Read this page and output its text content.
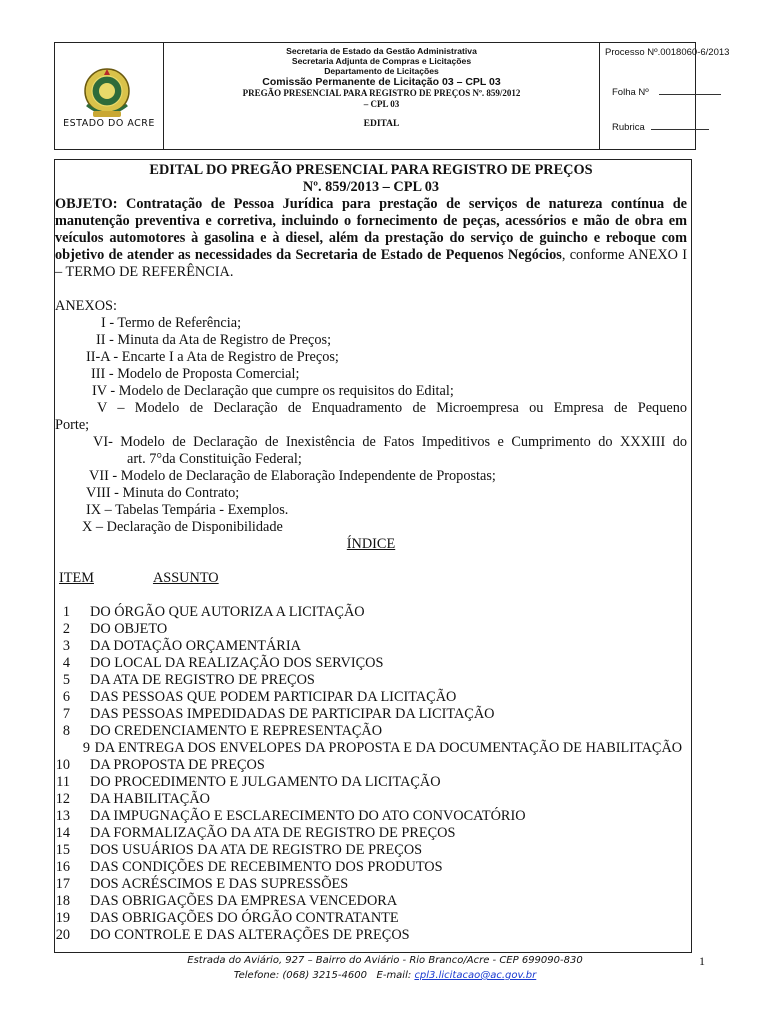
ESTADO DO ACRE
Secretaria de Estado da Gestão Administrativa
Secretaria Adjunta de Compras e Licitações
Departamento de Licitações
Comissão Permanente de Licitação 03 – CPL 03
PREGÃO PRESENCIAL PARA REGISTRO DE PREÇOS Nº. 859/2012
– CPL 03
EDITAL
Processo Nº.0018060-6/2013
Folha Nº
Rubrica
EDITAL DO PREGÃO PRESENCIAL PARA REGISTRO DE PREÇOS
Nº. 859/2013 – CPL 03
OBJETO: Contratação de Pessoa Jurídica para prestação de serviços de natureza contínua de manutenção preventiva e corretiva, incluindo o fornecimento de peças, acessórios e mão de obra em veículos automotores à gasolina e à diesel, além da prestação do serviço de guincho e reboque com objetivo de atender as necessidades da Secretaria de Estado de Pequenos Negócios, conforme ANEXO I – TERMO DE REFERÊNCIA.
ANEXOS:
I - Termo de Referência;
II - Minuta da Ata de Registro de Preços;
II-A - Encarte I a Ata de Registro de Preços;
III - Modelo de Proposta Comercial;
IV - Modelo de Declaração que cumpre os requisitos do Edital;
V – Modelo de Declaração de Enquadramento de Microempresa ou Empresa de Pequeno
Porte;
VI- Modelo de Declaração de Inexistência de Fatos Impeditivos e Cumprimento do XXXIII do
art. 7°da Constituição Federal;
VII - Modelo de Declaração de Elaboração Independente de Propostas;
VIII - Minuta do Contrato;
IX – Tabelas Tempária - Exemplos.
X – Declaração de Disponibilidade
ÍNDICE
ITEM	ASSUNTO
1 DO ÓRGÃO QUE AUTORIZA A LICITAÇÃO
2 DO OBJETO
3 DA DOTAÇÃO ORÇAMENTÁRIA
4 DO LOCAL DA REALIZAÇÃO DOS SERVIÇOS
5 DA ATA DE REGISTRO DE PREÇOS
6 DAS PESSOAS QUE PODEM PARTICIPAR DA LICITAÇÃO
7 DAS PESSOAS IMPEDIDADAS DE PARTICIPAR DA LICITAÇÃO
8 DO CREDENCIAMENTO E REPRESENTAÇÃO
9 DA ENTREGA DOS ENVELOPES DA PROPOSTA E DA DOCUMENTAÇÃO DE HABILITAÇÃO
10 DA PROPOSTA DE PREÇOS
11 DO PROCEDIMENTO E JULGAMENTO DA LICITAÇÃO
12 DA HABILITAÇÃO
13 DA IMPUGNAÇÃO E ESCLARECIMENTO DO ATO CONVOCATÓRIO
14 DA FORMALIZAÇÃO DA ATA DE REGISTRO DE PREÇOS
15 DOS USUÁRIOS DA ATA DE REGISTRO DE PREÇOS
16 DAS CONDIÇÕES DE RECEBIMENTO DOS PRODUTOS
17 DOS ACRÉSCIMOS E DAS SUPRESSÕES
18 DAS OBRIGAÇÕES DA EMPRESA VENCEDORA
19 DAS OBRIGAÇÕES DO ÓRGÃO CONTRATANTE
20 DO CONTROLE E DAS ALTERAÇÕES DE PREÇOS
Estrada do Aviário, 927 – Bairro do Aviário - Rio Branco/Acre - CEP 699090-830
Telefone: (068) 3215-4600 E-mail: cpl3.licitacao@ac.gov.br
1
